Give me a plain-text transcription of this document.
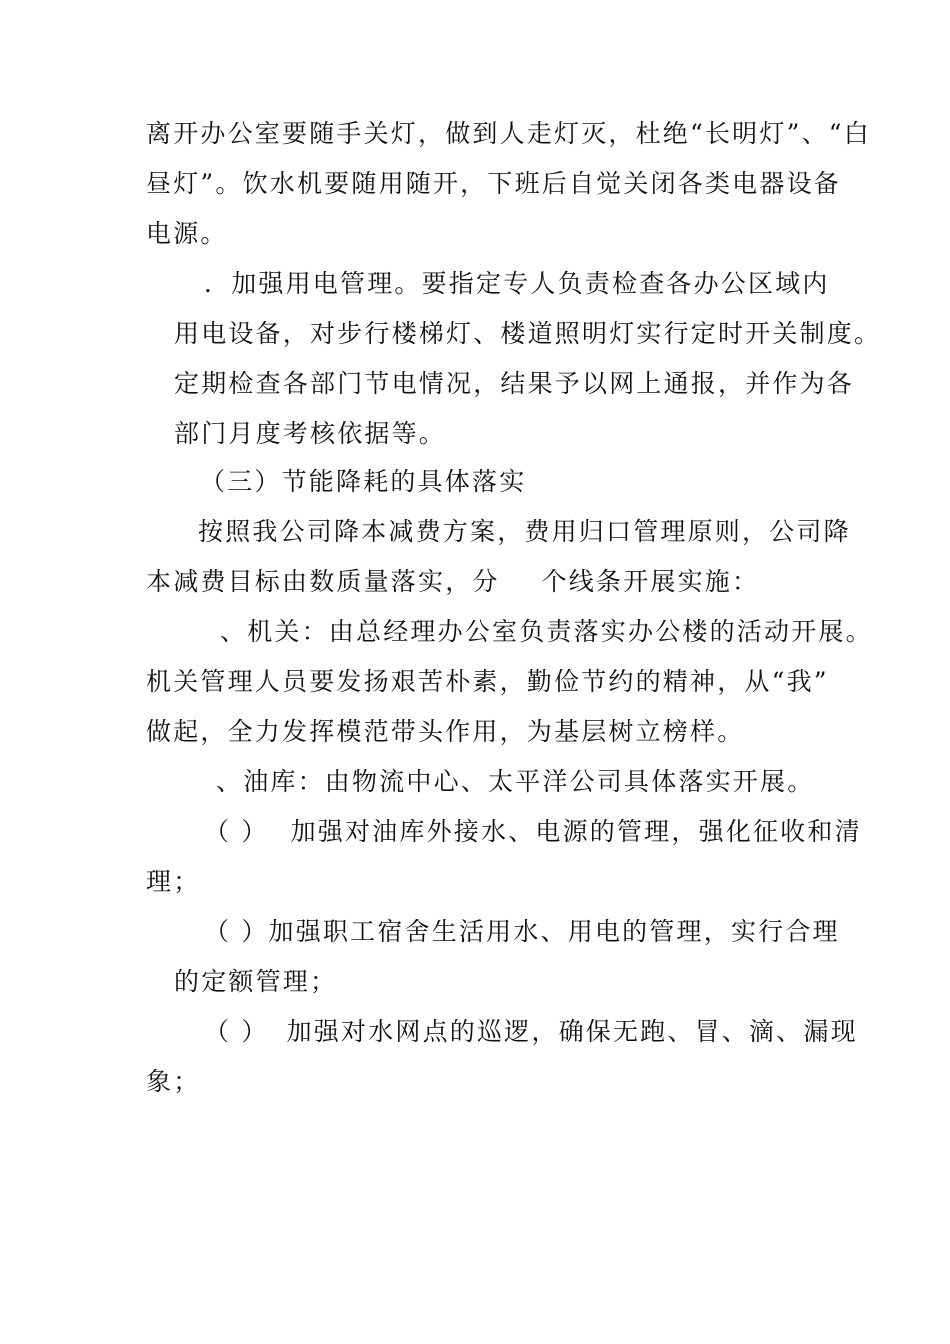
离开办公室要随手关灯，做到人走灯灭，杜绝“长明灯”、“白
昼灯”。饮水机要随用随开，下班后自觉关闭各类电器设备
电源。
．加强用电管理。要指定专人负责检查各办公区域内
用电设备，对步行楼梯灯、楼道照明灯实行定时开关制度。
定期检查各部门节电情况，结果予以网上通报，并作为各
部门月度考核依据等。
（三）节能降耗的具体落实
按照我公司降本减费方案，费用归口管理原则，公司降
本减费目标由数质量落实，分 个线条开展实施：
、机关：由总经理办公室负责落实办公楼的活动开展。
机关管理人员要发扬艰苦朴素，勤俭节约的精神，从“我”
做起，全力发挥模范带头作用，为基层树立榜样。
、油库：由物流中心、太平洋公司具体落实开展。
（ ） 加强对油库外接水、电源的管理，强化征收和清
理；
（ ）加强职工宿舍生活用水、用电的管理，实行合理
的定额管理；
（ ） 加强对水网点的巡逻，确保无跑、冒、滴、漏现
象；
